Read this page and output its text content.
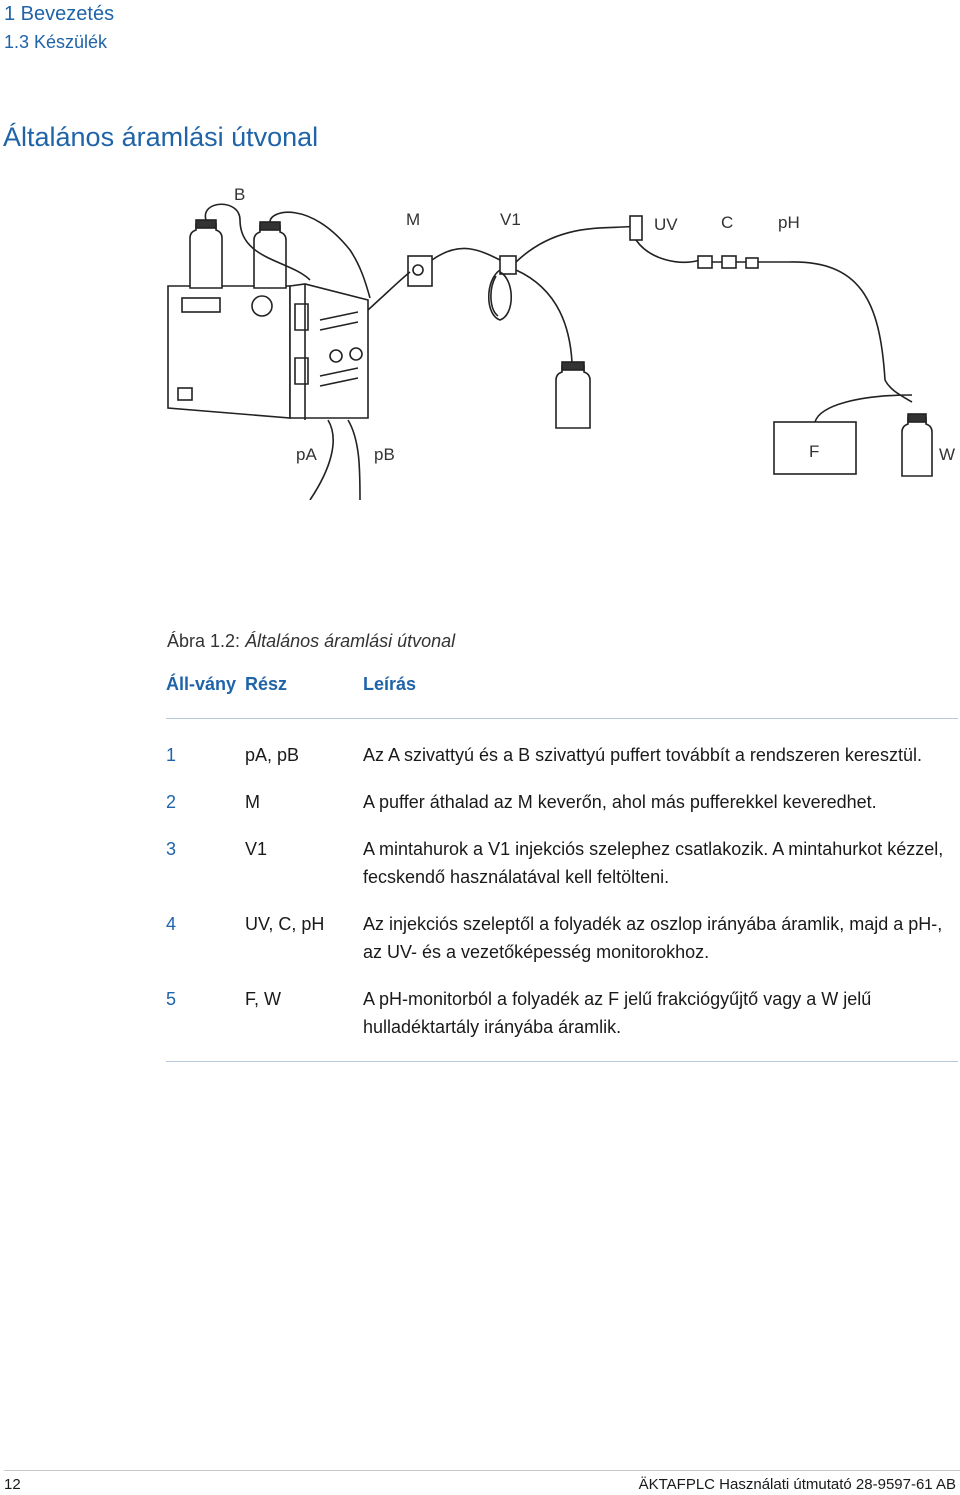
1 Bevezetés
1.3 Készülék
Általános áramlási útvonal
B
M	V1	UV	C	pH
pA	pB	F	W
Ábra 1.2: Általános áramlási útvonal
Áll-vány	Rész	Leírás
1	pA, pB	Az A szivattyú és a B szivattyú puffert továbbít a rendszeren keresztül.
2	M	A puffer áthalad az M keverőn, ahol más pufferekkel keveredhet.
3	V1	A mintahurok a V1 injekciós szelephez csatlakozik. A mintahurkot kézzel, fecskendő használatával kell feltölteni.
4	UV, C, pH	Az injekciós szeleptől a folyadék az oszlop irányába áramlik, majd a pH-, az UV- és a vezetőképesség monitorokhoz.
5	F, W	A pH-monitorból a folyadék az F jelű frakciógyűjtő vagy a W jelű hulladéktartály irányába áramlik.
12	ÄKTAFPLC Használati útmutató 28-9597-61 AB
